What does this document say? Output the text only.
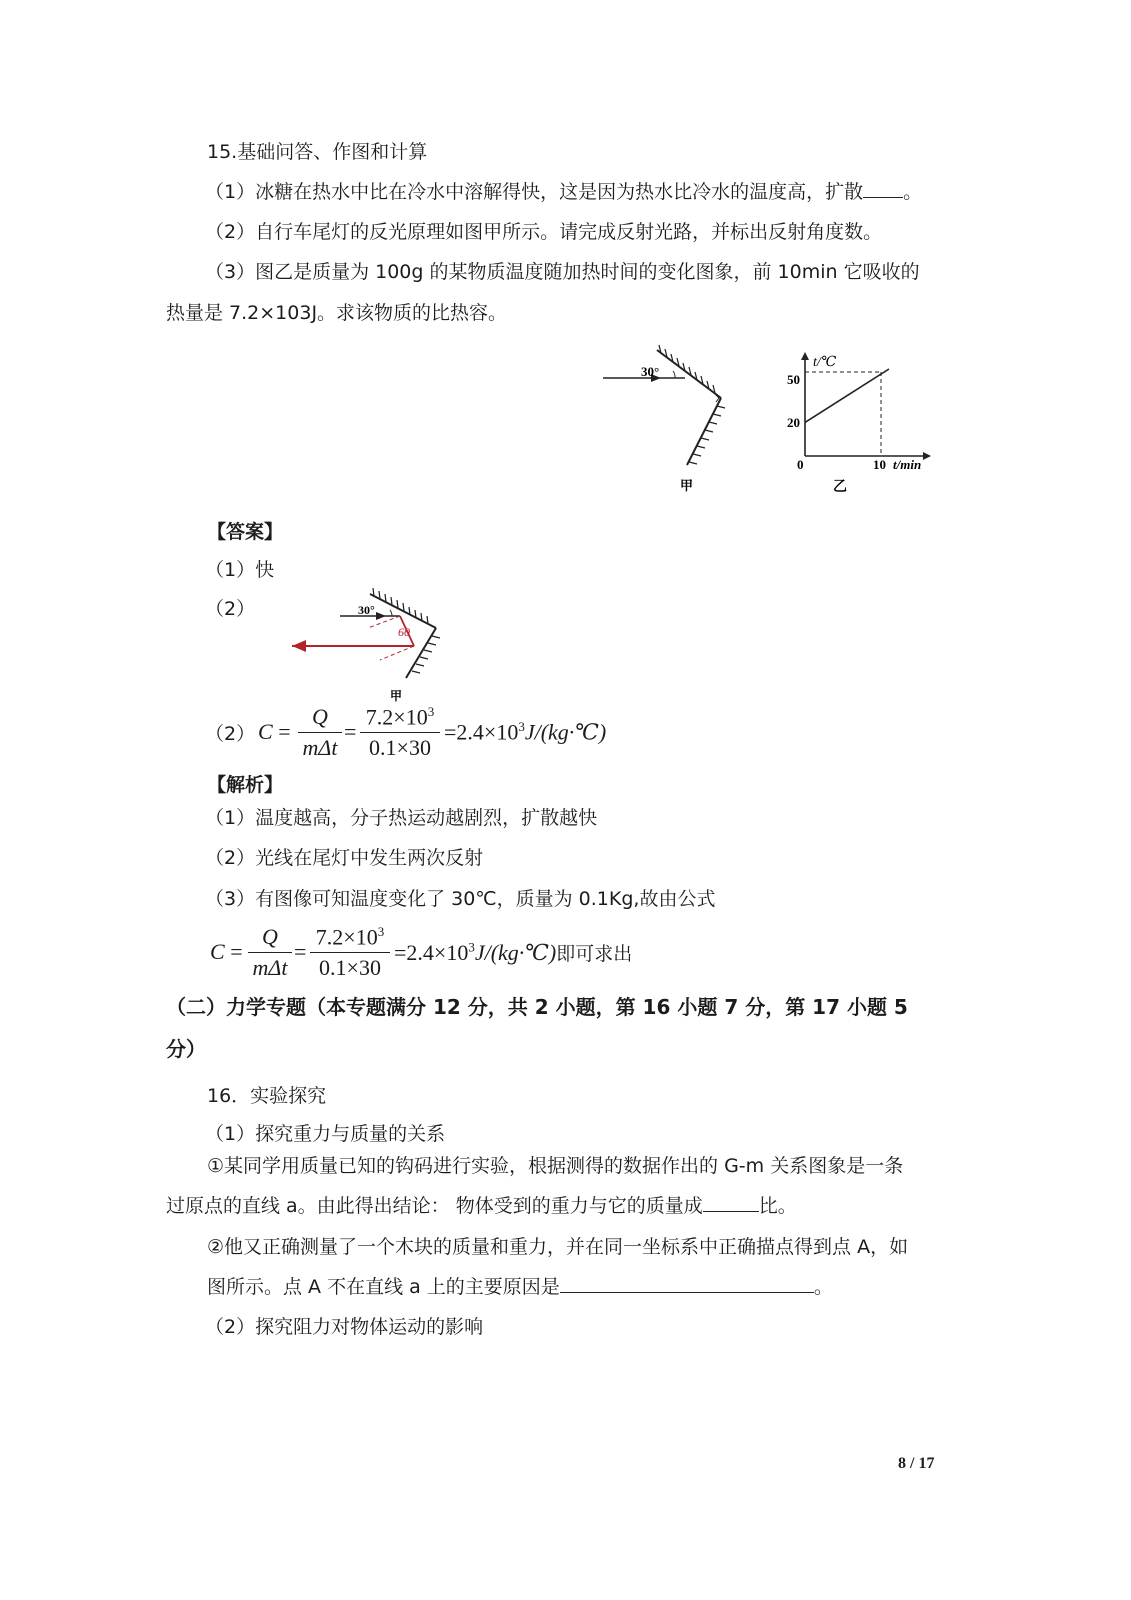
15.基础问答、作图和计算
（1）冰糖在热水中比在冷水中溶解得快，这是因为热水比冷水的温度高，扩散 。
（2）自行车尾灯的反光原理如图甲所示。请完成反射光路，并标出反射角度数。
（3）图乙是质量为 100g 的某物质温度随加热时间的变化图象，前 10min 它吸收的
热量是 7.2×103J。求该物质的比热容。
30°
甲
t/℃
50
20
0	10 t/min
乙
【答案】
（1）快
（2）	30°
60
甲
（2） C =
Q
mΔt
= $\frac{7.2\times 10^3}{0.1\times 30}$ $=2.4\times 10^3J/(kg\cdot℃)$
【解析】
（1）温度越高，分子热运动越剧烈，扩散越快
（2）光线在尾灯中发生两次反射
（3）有图像可知温度变化了 30℃，质量为 0.1Kg,故由公式
C =
Q
mΔt
= $\frac{7.2\times 10^3}{0.1\times 30}$ $=2.4\times 10^3J/(kg\cdot℃)$即可求出
（二）力学专题（本专题满分 12 分，共 2 小题，第 16 小题 7 分，第 17 小题 5
分）
16．实验探究
（1）探究重力与质量的关系
①某同学用质量已知的钩码进行实验，根据测得的数据作出的 G-m 关系图象是一条
过原点的直线 a。由此得出结论： 物体受到的重力与它的质量成	比。
②他又正确测量了一个木块的质量和重力，并在同一坐标系中正确描点得到点 A，如
图所示。点 A 不在直线 a 上的主要原因是	。
（2）探究阻力对物体运动的影响
8 / 17
